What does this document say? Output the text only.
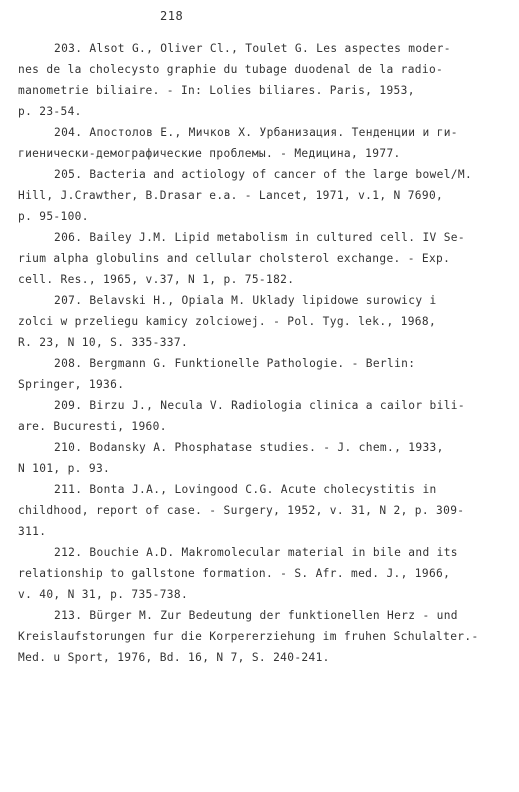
218
203. Alsot G., Oliver Cl., Toulet G. Les aspectes moder-
nes de la cholecysto graphie du tubage duodenal de la radio-
manometrie biliaire. - In: Lolies biliares. Paris, 1953,
p. 23-54.
204. Апостолов Е., Мичков Х. Урбанизация. Тенденции и ги-
гиенически-демографические проблемы. - Медицина, 1977.
205. Bacteria and actiology of cancer of the large bowel/M.
Hill, J.Crawther, B.Drasar e.a. - Lancet, 1971, v.1, N 7690,
p. 95-100.
206. Bailey J.M. Lipid metabolism in cultured cell. IV Se-
rium alpha globulins and cellular cholsterol exchange. - Exp.
cell. Res., 1965, v.37, N 1, p. 75-182.
207. Belavski H., Opiala M. Uklady lipidowe surowicy i
zolci w przeliegu kamicy zolciowej. - Pol. Tyg. lek., 1968,
R. 23, N 10, S. 335-337.
208. Bergmann G. Funktionelle Pathologie. - Berlin:
Springer, 1936.
209. Birzu J., Necula V. Radiologia clinica a cailor bili-
are. Bucuresti, 1960.
210. Bodansky A. Phosphatase studies. - J. chem., 1933,
N 101, p. 93.
211. Bonta J.A., Lovingood C.G. Acute cholecystitis in
childhood, report of case. - Surgery, 1952, v. 31, N 2, p. 309-
311.
212. Bouchie A.D. Makromolecular material in bile and its
relationship to gallstone formation. - S. Afr. med. J., 1966,
v. 40, N 31, p. 735-738.
213. Bürger M. Zur Bedeutung der funktionellen Herz - und
Kreislaufstorungen fur die Korpererziehung im fruhen Schulalter.-
Med. u Sport, 1976, Bd. 16, N 7, S. 240-241.
